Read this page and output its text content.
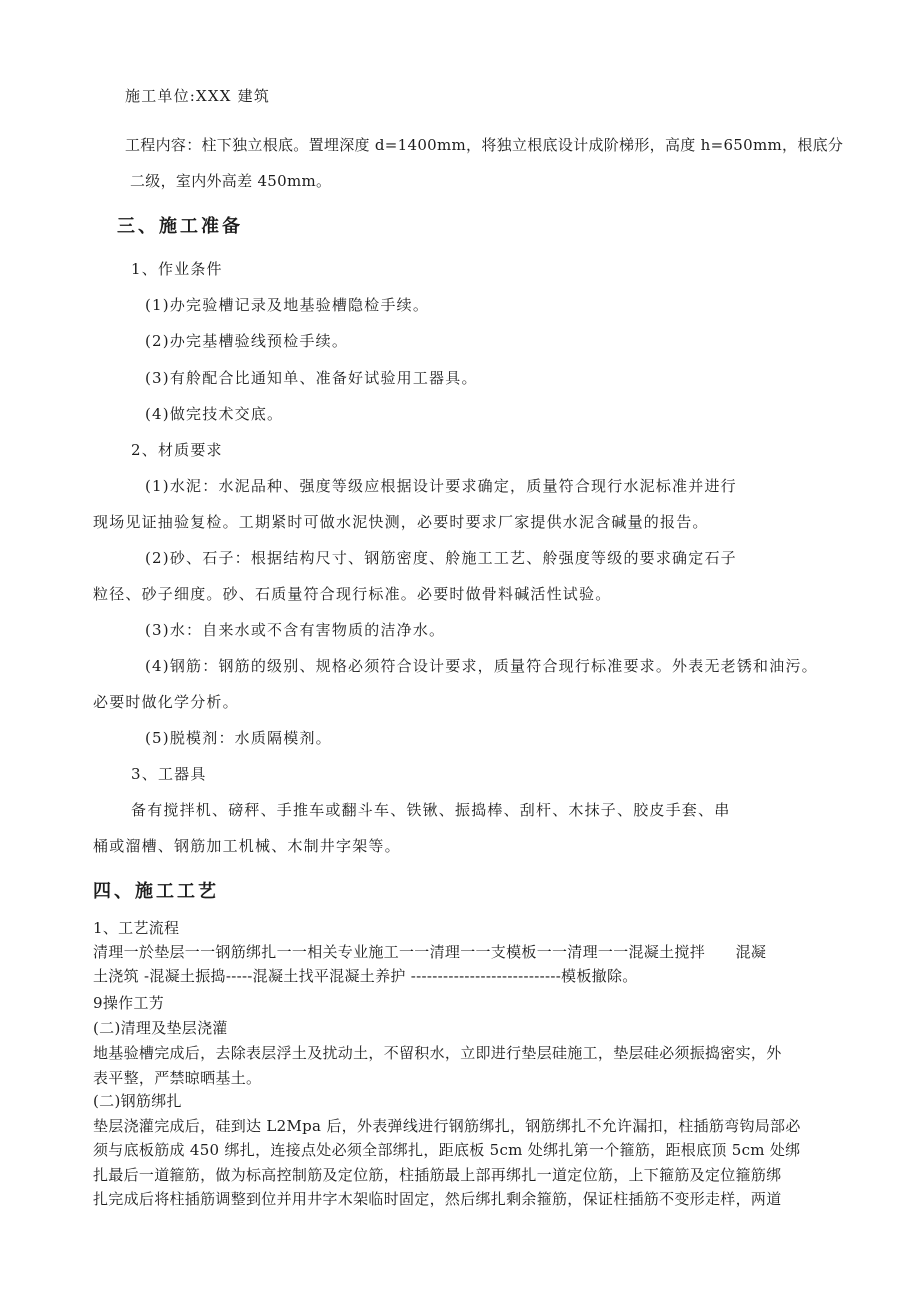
施工单位:XXX 建筑
工程内容：柱下独立根底。置埋深度 d=1400mm，将独立根底设计成阶梯形，高度 h=650mm，根底分
二级，室内外高差 450mm。
三、施工准备
1、作业条件
(1)办完验槽记录及地基验槽隐检手续。
(2)办完基槽验线预检手续。
(3)有舲配合比通知单、准备好试验用工器具。
(4)做完技术交底。
2、材质要求
(1)水泥：水泥品种、强度等级应根据设计要求确定，质量符合现行水泥标准并进行
现场见证抽验复检。工期紧时可做水泥快测，必要时要求厂家提供水泥含碱量的报告。
(2)砂、石子：根据结构尺寸、钢筋密度、舲施工工艺、舲强度等级的要求确定石子
粒径、砂子细度。砂、石质量符合现行标准。必要时做骨料碱活性试验。
(3)水：自来水或不含有害物质的洁净水。
(4)钢筋：钢筋的级别、规格必须符合设计要求，质量符合现行标准要求。外表无老锈和油污。
必要时做化学分析。
(5)脱模剂：水质隔模剂。
3、工器具
备有搅拌机、磅秤、手推车或翻斗车、铁锹、振捣棒、刮杆、木抹子、胶皮手套、串
桶或溜槽、钢筋加工机械、木制井字架等。
四、施工工艺
1、工艺流程
清理一於垫层一一钢筋绑扎一一相关专业施工一一清理一一支模板一一清理一一混凝土搅拌　　混凝
土浇筑 -混凝土振捣-----混凝土找平混凝土养护 ----------------------------模板撤除。
9操作工艻
(二)清理及垫层浇灌
地基验槽完成后，去除表层浮土及扰动土，不留积水，立即进行垫层硅施工，垫层硅必须振捣密实，外
表平整，严禁晾晒基土。
(二)钢筋绑扎
垫层浇灌完成后，硅到达 L2Mpa 后，外表弹线进行钢筋绑扎，钢筋绑扎不允许漏扣，柱插筋弯钩局部必
须与底板筋成 450 绑扎，连接点处必须全部绑扎，距底板 5cm 处绑扎第一个箍筋，距根底顶 5cm 处绑
扎最后一道箍筋，做为标高控制筋及定位筋，柱插筋最上部再绑扎一道定位筋，上下箍筋及定位箍筋绑
扎完成后将柱插筋调整到位并用井字木架临时固定，然后绑扎剩余箍筋，保证柱插筋不变形走样，两道
